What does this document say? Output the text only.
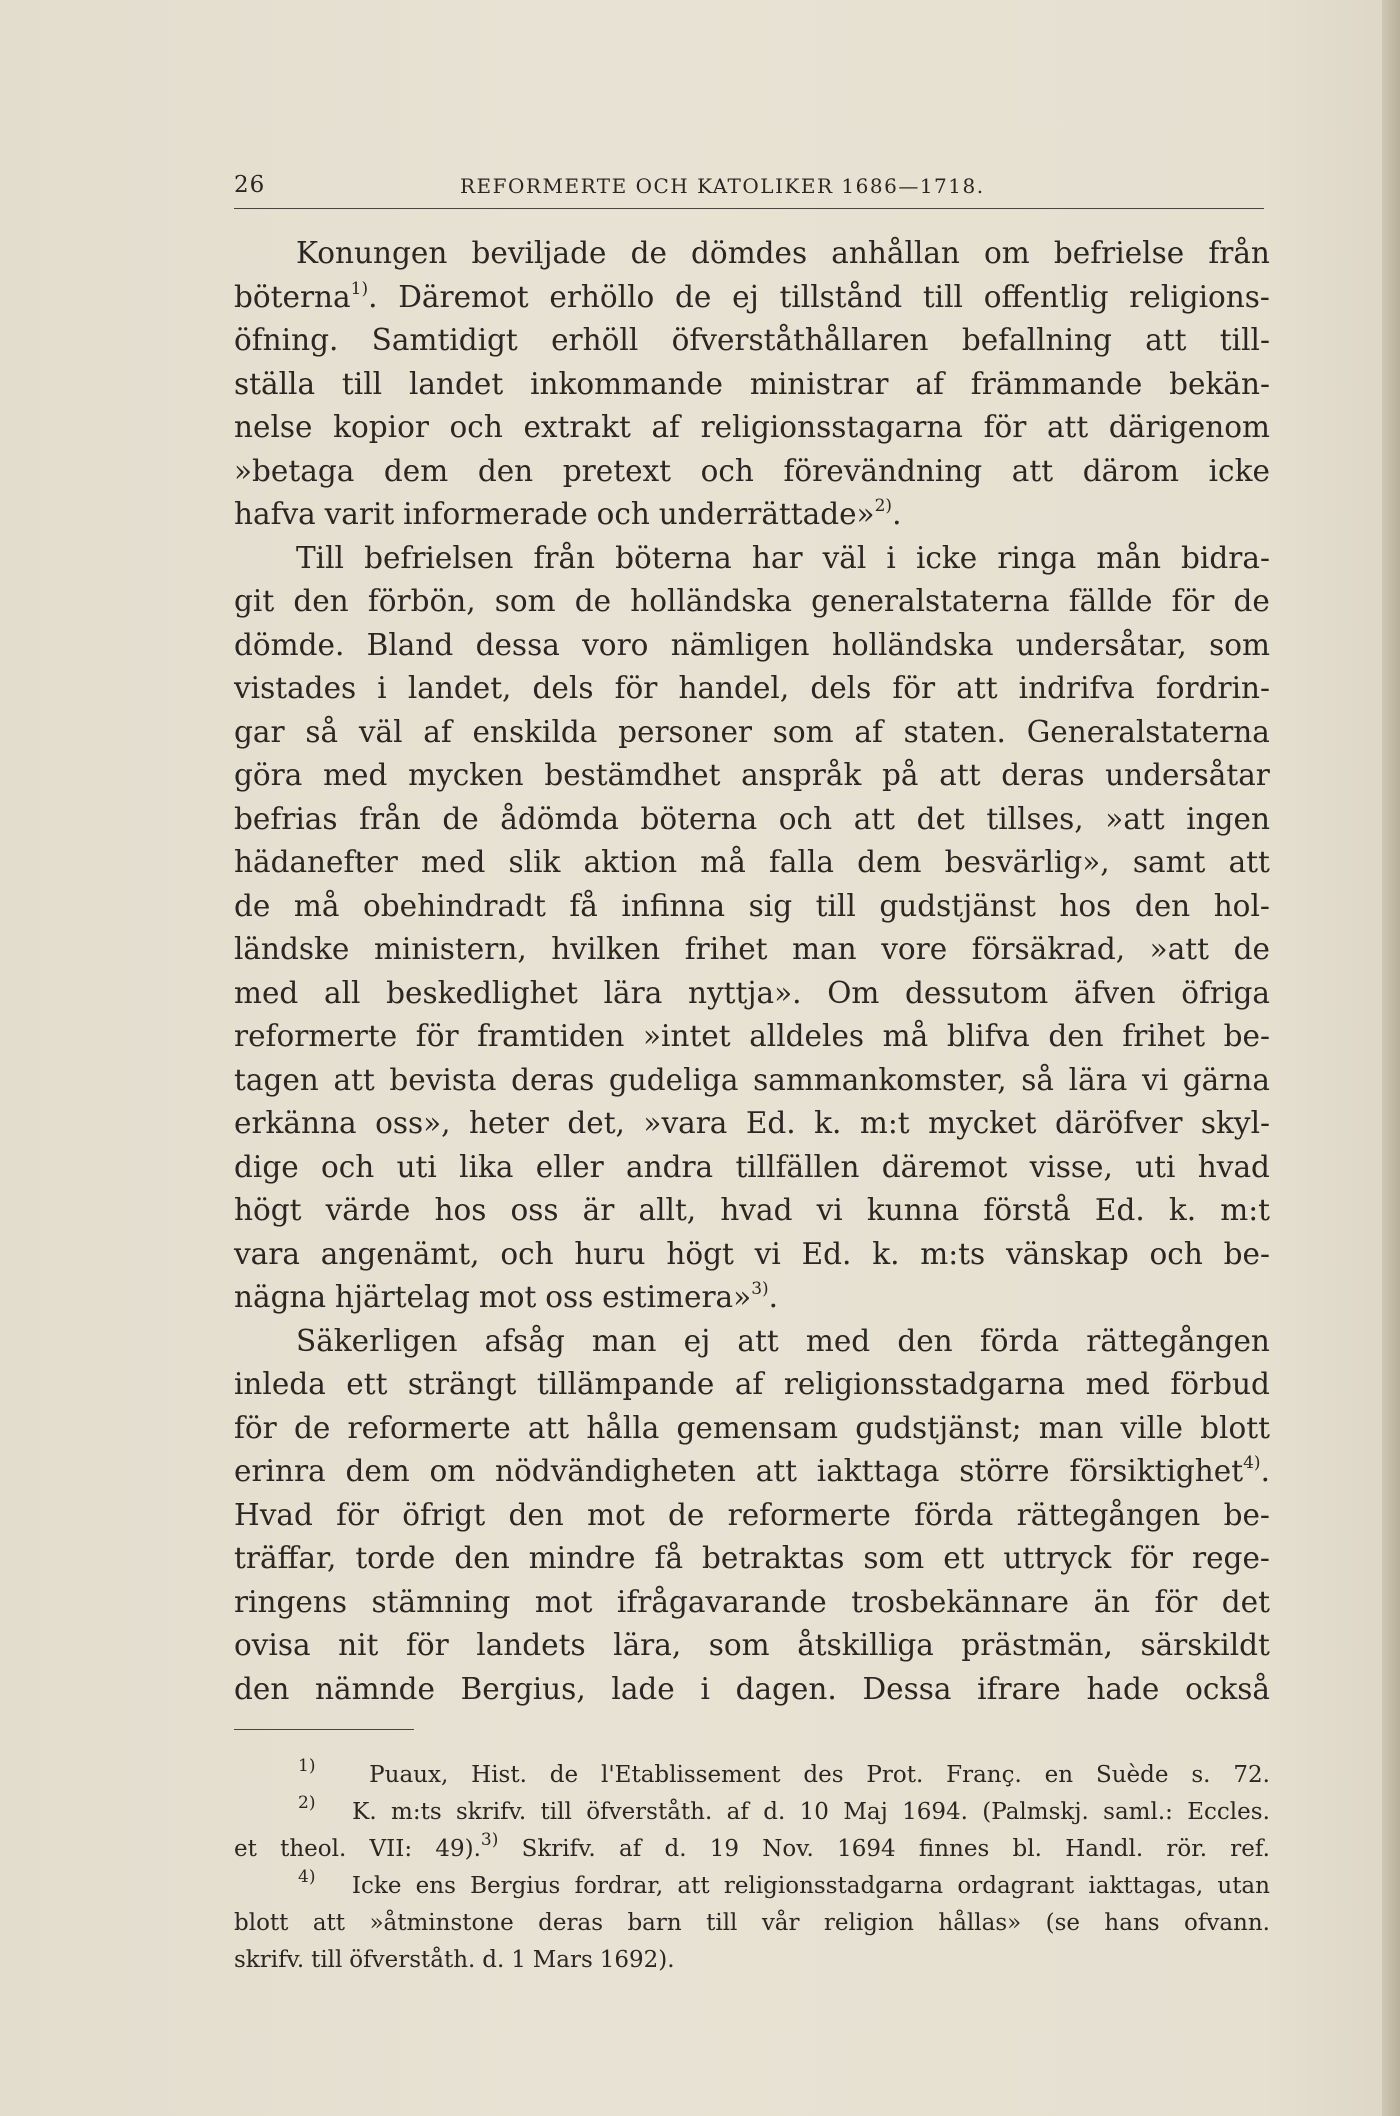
26	REFORMERTE OCH KATOLIKER 1686—1718.
Konungen beviljade de dömdes anhållan om befrielse från
böterna$^{1)}$. Däremot erhöllo de ej tillstånd till offentlig religions-
öfning. Samtidigt erhöll öfverståthållaren befallning att till-
ställa till landet inkommande ministrar af främmande bekän-
nelse kopior och extrakt af religionsstagarna för att därigenom
»betaga dem den pretext och förevändning att därom icke
hafva varit informerade och underrättade»$^{2)}$.
Till befrielsen från böterna har väl i icke ringa mån bidra-
git den förbön, som de holländska generalstaterna fällde för de
dömde. Bland dessa voro nämligen holländska undersåtar, som
vistades i landet, dels för handel, dels för att indrifva fordrin-
gar så väl af enskilda personer som af staten. Generalstaterna
göra med mycken bestämdhet anspråk på att deras undersåtar
befrias från de ådömda böterna och att det tillses, »att ingen
hädanefter med slik aktion må falla dem besvärlig», samt att
de må obehindradt få infinna sig till gudstjänst hos den hol-
ländske ministern, hvilken frihet man vore försäkrad, »att de
med all beskedlighet lära nyttja». Om dessutom äfven öfriga
reformerte för framtiden »intet alldeles må blifva den frihet be-
tagen att bevista deras gudeliga sammankomster, så lära vi gärna
erkänna oss», heter det, »vara Ed. k. m:t mycket däröfver skyl-
dige och uti lika eller andra tillfällen däremot visse, uti hvad
högt värde hos oss är allt, hvad vi kunna förstå Ed. k. m:t
vara angenämt, och huru högt vi Ed. k. m:ts vänskap och be-
nägna hjärtelag mot oss estimera»$^{3)}$.
Säkerligen afsåg man ej att med den förda rättegången
inleda ett strängt tillämpande af religionsstadgarna med förbud
för de reformerte att hålla gemensam gudstjänst; man ville blott
erinra dem om nödvändigheten att iakttaga större försiktighet$^{4)}$.
Hvad för öfrigt den mot de reformerte förda rättegången be-
träffar, torde den mindre få betraktas som ett uttryck för rege-
ringens stämning mot ifrågavarande trosbekännare än för det
ovisa nit för landets lära, som åtskilliga prästmän, särskildt
den nämnde Bergius, lade i dagen. Dessa ifrare hade också
$^{1)}$ Puaux, Hist. de l'Etablissement des Prot. Franç. en Suède s. 72.
$^{2)}$ K. m:ts skrifv. till öfverståth. af d. 10 Maj 1694. (Palmskj. saml.: Eccles.
et theol. VII: 49).$^{3)}$ Skrifv. af d. 19 Nov. 1694 finnes bl. Handl. rör. ref.
$^{4)}$ Icke ens Bergius fordrar, att religionsstadgarna ordagrant iakttagas, utan
blott att »åtminstone deras barn till vår religion hållas» (se hans ofvann.
skrifv. till öfverståth. d. 1 Mars 1692).
